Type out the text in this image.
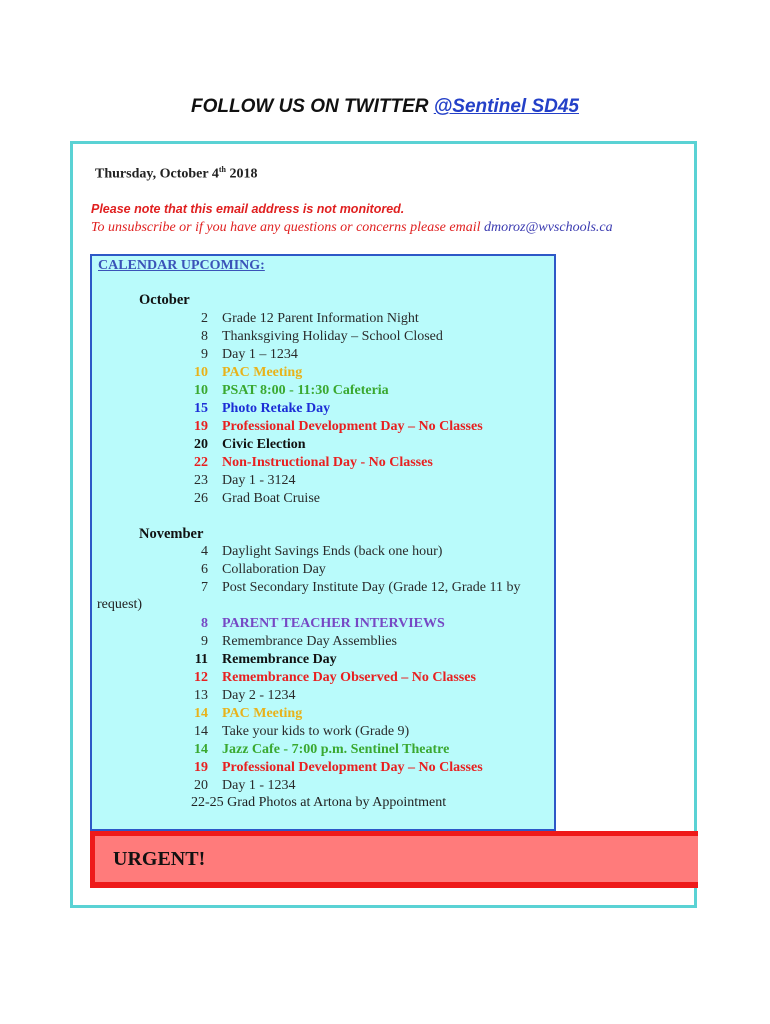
FOLLOW US ON TWITTER @Sentinel SD45
Thursday, October 4th 2018
Please note that this email address is not monitored.
To unsubscribe or if you have any questions or concerns please email dmoroz@wvschools.ca
CALENDAR UPCOMING:
October
2 Grade 12 Parent Information Night
8 Thanksgiving Holiday – School Closed
9 Day 1 – 1234
10 PAC Meeting
10 PSAT 8:00 - 11:30 Cafeteria
15 Photo Retake Day
19 Professional Development Day – No Classes
20 Civic Election
22 Non-Instructional Day - No Classes
23 Day 1 - 3124
26 Grad Boat Cruise
November
4 Daylight Savings Ends (back one hour)
6 Collaboration Day
7 Post Secondary Institute Day (Grade 12, Grade 11 by
request)
8 PARENT TEACHER INTERVIEWS
9 Remembrance Day Assemblies
11 Remembrance Day
12 Remembrance Day Observed – No Classes
13 Day 2 - 1234
14 PAC Meeting
14 Take your kids to work (Grade 9)
14 Jazz Cafe - 7:00 p.m. Sentinel Theatre
19 Professional Development Day – No Classes
20 Day 1 - 1234
22-25 Grad Photos at Artona by Appointment
URGENT!
